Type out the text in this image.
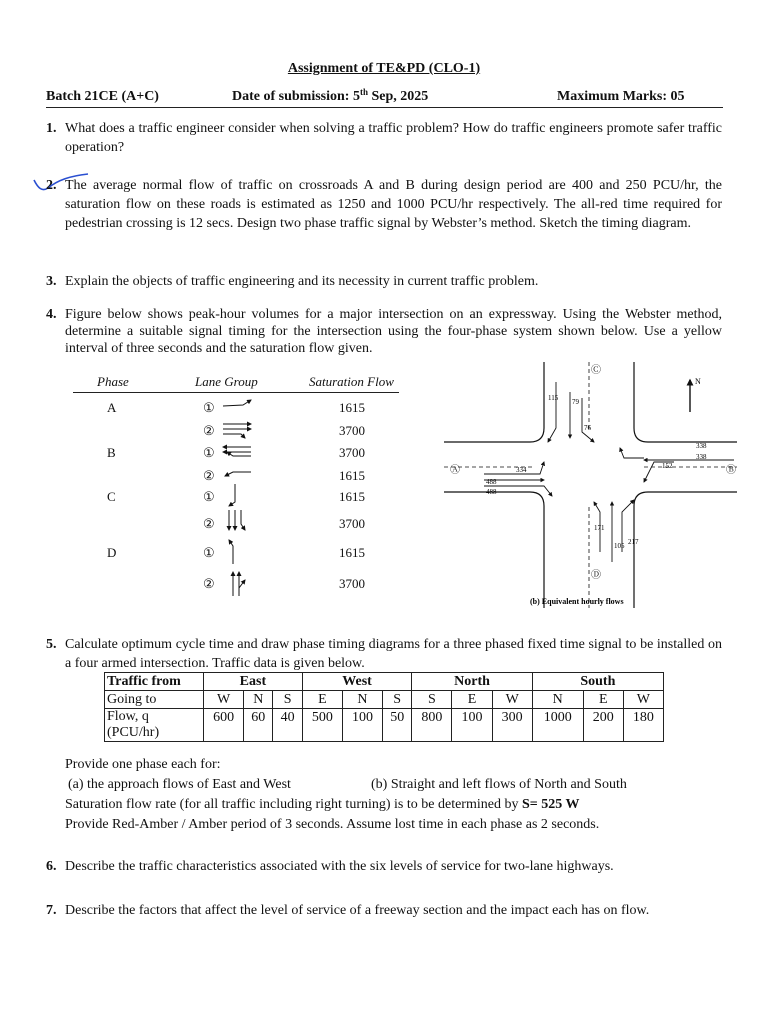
Assignment of TE&PD (CLO-1)
Batch 21CE (A+C)	Date of submission: 5th Sep, 2025	Maximum Marks: 05
1. What does a traffic engineer consider when solving a traffic problem? How do traffic engineers promote safer traffic operation?
2. The average normal flow of traffic on crossroads A and B during design period are 400 and 250 PCU/hr, the saturation flow on these roads is estimated as 1250 and 1000 PCU/hr respectively. The all-red time required for pedestrian crossing is 12 secs. Design two phase traffic signal by Webster’s method. Sketch the timing diagram.
3. Explain the objects of traffic engineering and its necessity in current traffic problem.
4. Figure below shows peak-hour volumes for a major intersection on an expressway. Using the Webster method, determine a suitable signal timing for the intersection using the four-phase system shown below. Use a yellow interval of three seconds and the saturation flow given.
Phase	Lane Group	Saturation Flow
A	①	1615
②	3700
B	①	3700
②	1615
C	①	1615
②	3700
D	①	1615
②	3700
N
Ⓒ
Ⓐ	Ⓑ
Ⓓ
115 79
76
338
338
152
334
488
488
171
105 217
(b) Equivalent hourly flows
5. Calculate optimum cycle time and draw phase timing diagrams for a three phased fixed time signal to be installed on a four armed intersection. Traffic data is given below.
Traffic from	East			West			North			South		
Going to	W	N	S	E	N	S	S	E	W	N	E	W

Flow, q
(PCU/hr)	600	60	40	500	100	50	800	100	300	1000	200	180
Provide one phase each for:
(a) the approach flows of East and West	(b) Straight and left flows of North and South
Saturation flow rate (for all traffic including right turning) is to be determined by S= 525 W
Provide Red-Amber / Amber period of 3 seconds. Assume lost time in each phase as 2 seconds.
6. Describe the traffic characteristics associated with the six levels of service for two-lane highways.
7. Describe the factors that affect the level of service of a freeway section and the impact each has on flow.
